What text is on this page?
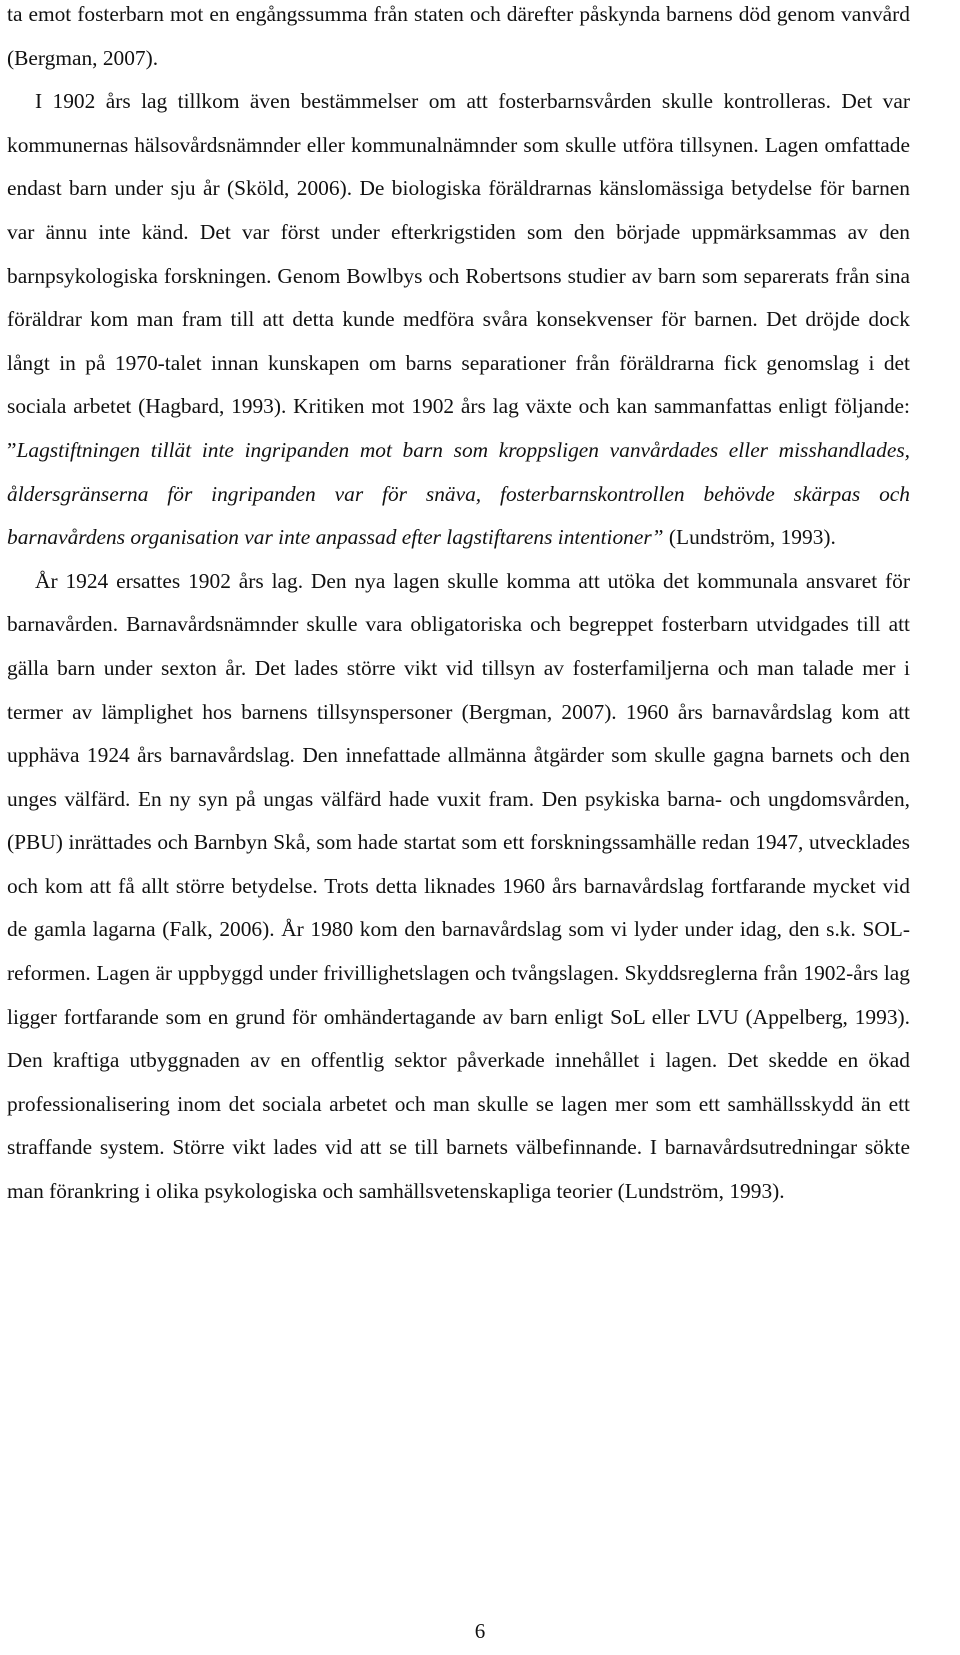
ta emot fosterbarn mot en engångssumma från staten och därefter påskynda barnens död genom vanvård (Bergman, 2007).

I 1902 års lag tillkom även bestämmelser om att fosterbarnsvården skulle kontrolleras. Det var kommunernas hälsovårdsnämnder eller kommunalnämnder som skulle utföra tillsynen. Lagen omfattade endast barn under sju år (Sköld, 2006). De biologiska föräldrarnas känslomässiga betydelse för barnen var ännu inte känd. Det var först under efterkrigstiden som den började uppmärksammas av den barnpsykologiska forskningen. Genom Bowlbys och Robertsons studier av barn som separerats från sina föräldrar kom man fram till att detta kunde medföra svåra konsekvenser för barnen. Det dröjde dock långt in på 1970-talet innan kunskapen om barns separationer från föräldrarna fick genomslag i det sociala arbetet (Hagbard, 1993). Kritiken mot 1902 års lag växte och kan sammanfattas enligt följande: ”Lagstiftningen tillät inte ingripanden mot barn som kroppsligen vanvårdades eller misshandlades, åldersgränserna för ingripanden var för snäva, fosterbarnskontrollen behövde skärpas och barnavårdens organisation var inte anpassad efter lagstiftarens intentioner” (Lundström, 1993).

År 1924 ersattes 1902 års lag. Den nya lagen skulle komma att utöka det kommunala ansvaret för barnavården. Barnavårdsnämnder skulle vara obligatoriska och begreppet fosterbarn utvidgades till att gälla barn under sexton år. Det lades större vikt vid tillsyn av fosterfamiljerna och man talade mer i termer av lämplighet hos barnens tillsynspersoner (Bergman, 2007). 1960 års barnavårdslag kom att upphäva 1924 års barnavårdslag. Den innefattade allmänna åtgärder som skulle gagna barnets och den unges välfärd. En ny syn på ungas välfärd hade vuxit fram. Den psykiska barna- och ungdomsvården, (PBU) inrättades och Barnbyn Skå, som hade startat som ett forskningssamhälle redan 1947, utvecklades och kom att få allt större betydelse. Trots detta liknades 1960 års barnavårdslag fortfarande mycket vid de gamla lagarna (Falk, 2006). År 1980 kom den barnavårdslag som vi lyder under idag, den s.k. SOL-reformen. Lagen är uppbyggd under frivillighetslagen och tvångslagen. Skyddsreglerna från 1902-års lag ligger fortfarande som en grund för omhändertagande av barn enligt SoL eller LVU (Appelberg, 1993). Den kraftiga utbyggnaden av en offentlig sektor påverkade innehållet i lagen. Det skedde en ökad professionalisering inom det sociala arbetet och man skulle se lagen mer som ett samhällsskydd än ett straffande system. Större vikt lades vid att se till barnets välbefinnande. I barnavårdsutredningar sökte man förankring i olika psykologiska och samhällsvetenskapliga teorier (Lundström, 1993).

6
